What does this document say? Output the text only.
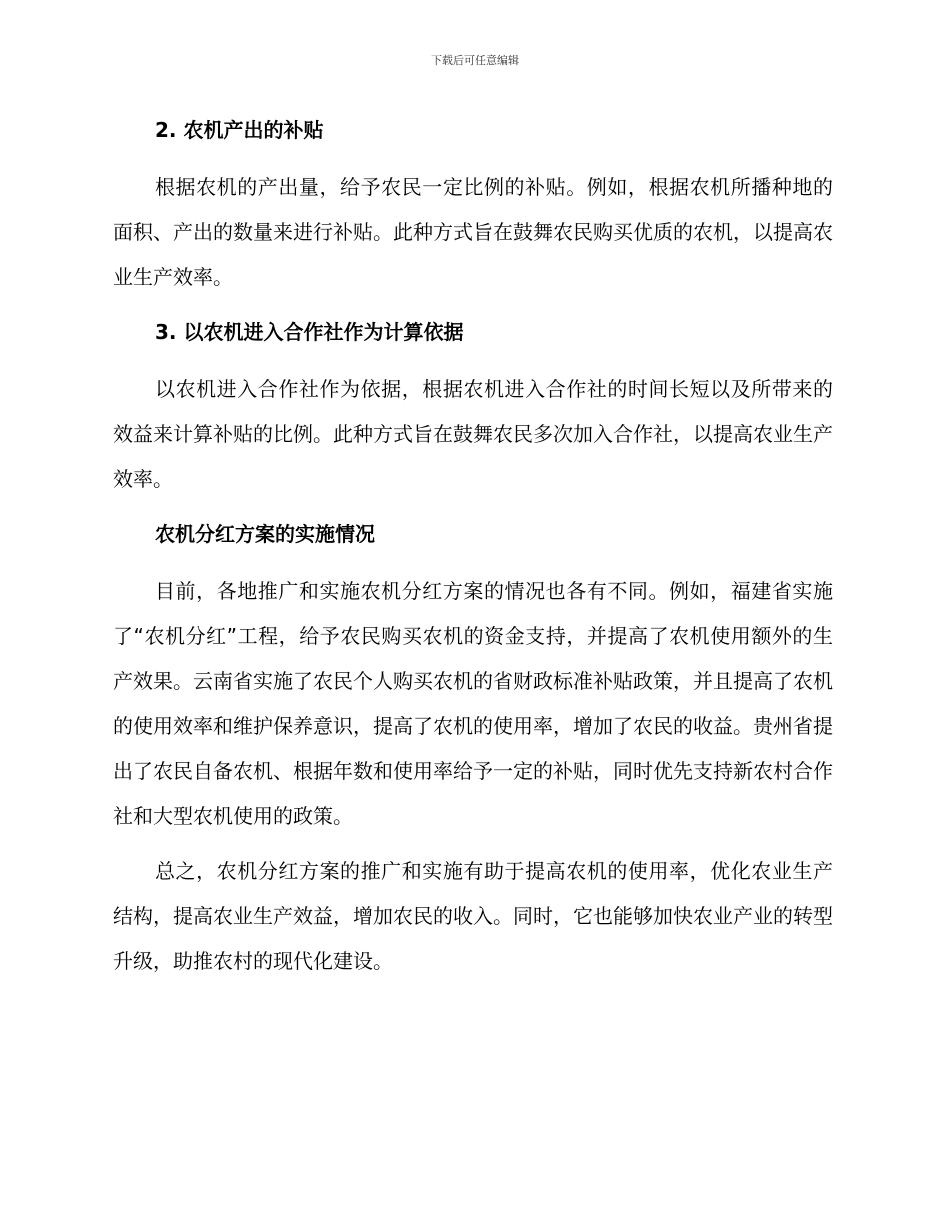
下载后可任意编辑
2. 农机产出的补贴

根据农机的产出量，给予农民一定比例的补贴。例如，根据农机所播种地的面积、产出的数量来进行补贴。此种方式旨在鼓舞农民购买优质的农机，以提高农业生产效率。

3. 以农机进入合作社作为计算依据

以农机进入合作社作为依据，根据农机进入合作社的时间长短以及所带来的效益来计算补贴的比例。此种方式旨在鼓舞农民多次加入合作社，以提高农业生产效率。

农机分红方案的实施情况

目前，各地推广和实施农机分红方案的情况也各有不同。例如，福建省实施了“农机分红”工程，给予农民购买农机的资金支持，并提高了农机使用额外的生产效果。云南省实施了农民个人购买农机的省财政标准补贴政策，并且提高了农机的使用效率和维护保养意识，提高了农机的使用率，增加了农民的收益。贵州省提出了农民自备农机、根据年数和使用率给予一定的补贴，同时优先支持新农村合作社和大型农机使用的政策。

总之，农机分红方案的推广和实施有助于提高农机的使用率，优化农业生产结构，提高农业生产效益，增加农民的收入。同时，它也能够加快农业产业的转型升级，助推农村的现代化建设。
